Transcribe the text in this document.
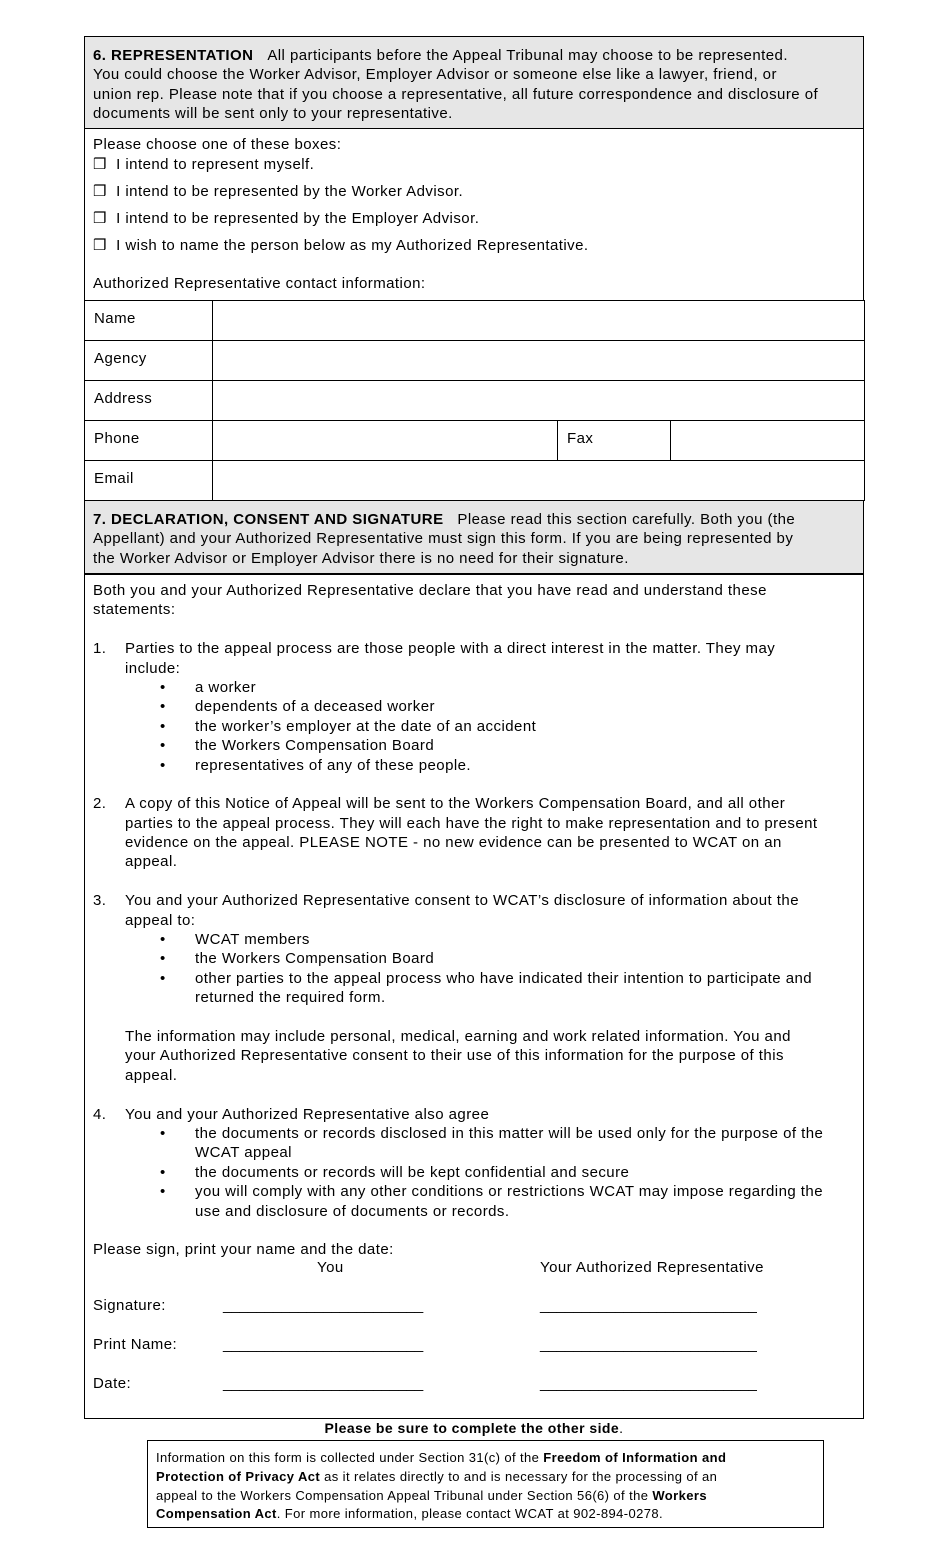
6. REPRESENTATION All participants before the Appeal Tribunal may choose to be represented.
You could choose the Worker Advisor, Employer Advisor or someone else like a lawyer, friend, or
union rep. Please note that if you choose a representative, all future correspondence and disclosure of
documents will be sent only to your representative.
Please choose one of these boxes:
❒ I intend to represent myself.
❒ I intend to be represented by the Worker Advisor.
❒ I intend to be represented by the Employer Advisor.
❒ I wish to name the person below as my Authorized Representative.
Authorized Representative contact information:
Name
Agency
Address
Phone	Fax
Email
7. DECLARATION, CONSENT AND SIGNATURE Please read this section carefully. Both you (the
Appellant) and your Authorized Representative must sign this form. If you are being represented by
the Worker Advisor or Employer Advisor there is no need for their signature.
Both you and your Authorized Representative declare that you have read and understand these
statements:
1. Parties to the appeal process are those people with a direct interest in the matter. They may
include:
• a worker
• dependents of a deceased worker
• the worker’s employer at the date of an accident
• the Workers Compensation Board
• representatives of any of these people.
2. A copy of this Notice of Appeal will be sent to the Workers Compensation Board, and all other
parties to the appeal process. They will each have the right to make representation and to present
evidence on the appeal. PLEASE NOTE - no new evidence can be presented to WCAT on an
appeal.
3. You and your Authorized Representative consent to WCAT’s disclosure of information about the
appeal to:
• WCAT members
• the Workers Compensation Board
• other parties to the appeal process who have indicated their intention to participate and
returned the required form.
The information may include personal, medical, earning and work related information. You and
your Authorized Representative consent to their use of this information for the purpose of this
appeal.
4. You and your Authorized Representative also agree
• the documents or records disclosed in this matter will be used only for the purpose of the
WCAT appeal
• the documents or records will be kept confidential and secure
• you will comply with any other conditions or restrictions WCAT may impose regarding the
use and disclosure of documents or records.
Please sign, print your name and the date:
You	Your Authorized Representative
Signature:	________________________	__________________________
Print Name:	________________________	__________________________
Date:	________________________	__________________________
Please be sure to complete the other side.
Information on this form is collected under Section 31(c) of the Freedom of Information and
Protection of Privacy Act as it relates directly to and is necessary for the processing of an
appeal to the Workers Compensation Appeal Tribunal under Section 56(6) of the Workers
Compensation Act. For more information, please contact WCAT at 902-894-0278.
